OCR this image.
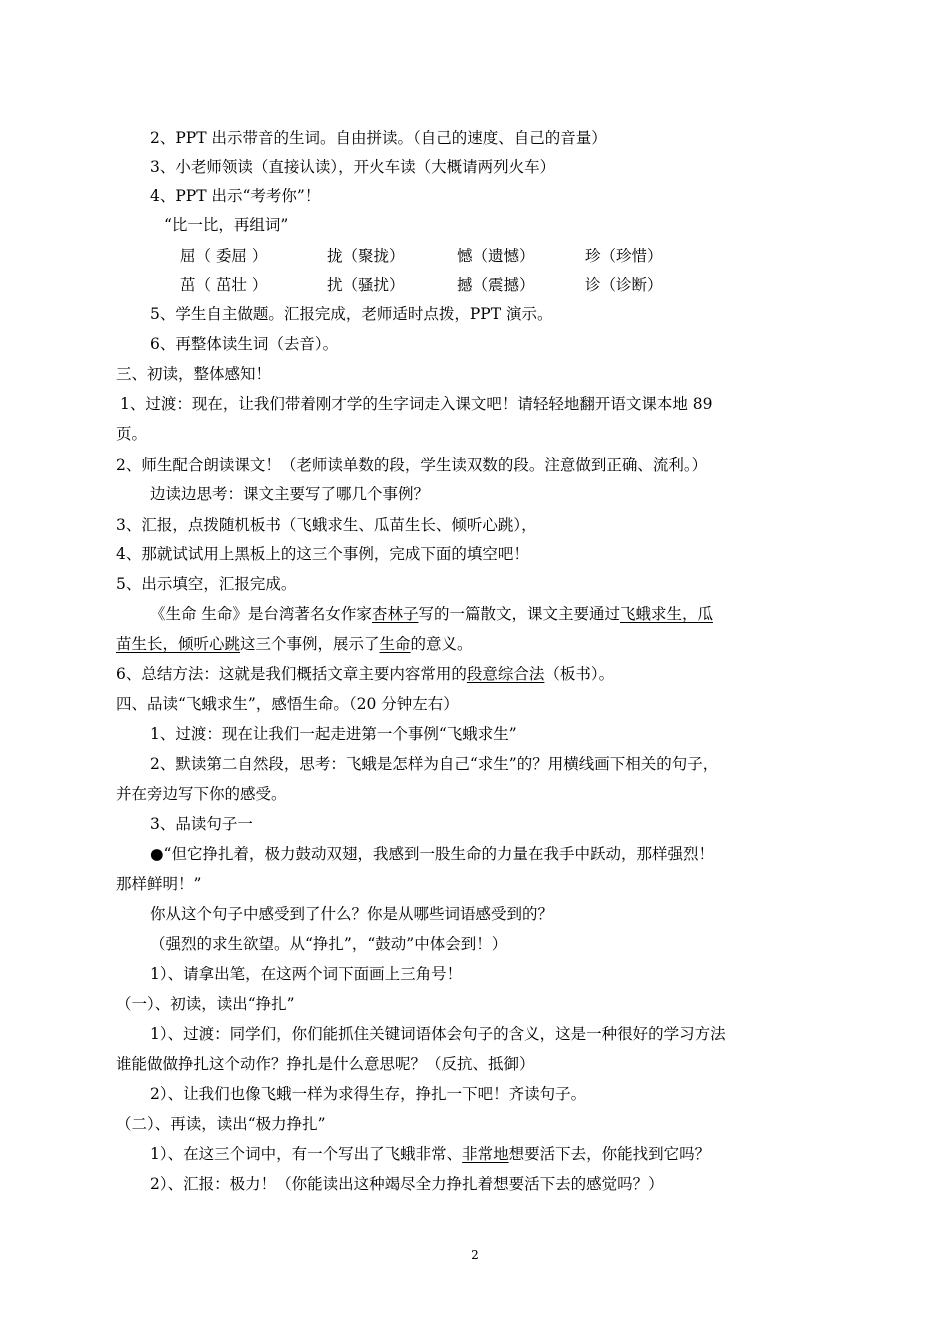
2、PPT 出示带音的生词。自由拼读。（自己的速度、自己的音量）
3、小老师领读（直接认读），开火车读（大概请两列火车）
4、PPT 出示“考考你”！
“比一比，再组词”
5、学生自主做题。汇报完成，老师适时点拨，PPT 演示。
6、再整体读生词（去音）。
三、初读，整体感知！
1、过渡：现在，让我们带着刚才学的生字词走入课文吧！请轻轻地翻开语文课本地 89
页。
2、师生配合朗读课文！（老师读单数的段，学生读双数的段。注意做到正确、流利。）
边读边思考：课文主要写了哪几个事例？
3、汇报，点拨随机板书（飞蛾求生、瓜苗生长、倾听心跳），
4、那就试试用上黑板上的这三个事例，完成下面的填空吧！
5、出示填空，汇报完成。
《生命 生命》是台湾著名女作家杏林子写的一篇散文，课文主要通过飞蛾求生，瓜
苗生长，倾听心跳这三个事例，展示了生命的意义。
6、总结方法：这就是我们概括文章主要内容常用的段意综合法（板书）。
四、品读“飞蛾求生”，感悟生命。（20 分钟左右）
1、过渡：现在让我们一起走进第一个事例“飞蛾求生”
2、默读第二自然段，思考：飞蛾是怎样为自己“求生”的？用横线画下相关的句子，
并在旁边写下你的感受。
3、品读句子一
●“但它挣扎着，极力鼓动双翅，我感到一股生命的力量在我手中跃动，那样强烈！
那样鲜明！”
你从这个句子中感受到了什么？你是从哪些词语感受到的？
（强烈的求生欲望。从“挣扎”，“鼓动”中体会到！）
1）、请拿出笔，在这两个词下面画上三角号！
（一）、初读，读出“挣扎”
1）、过渡：同学们，你们能抓住关键词语体会句子的含义，这是一种很好的学习方法
谁能做做挣扎这个动作？挣扎是什么意思呢？（反抗、抵御）
2）、让我们也像飞蛾一样为求得生存，挣扎一下吧！齐读句子。
（二）、再读，读出“极力挣扎”
1）、在这三个词中，有一个写出了飞蛾非常、非常地想要活下去，你能找到它吗？
2）、汇报：极力！（你能读出这种竭尽全力挣扎着想要活下去的感觉吗？）
屈（ 委屈 ）	拢（聚拢）	憾（遗憾）	珍（珍惜）
茁（ 茁壮 ）	扰（骚扰）	撼（震撼）	诊（诊断）
2
